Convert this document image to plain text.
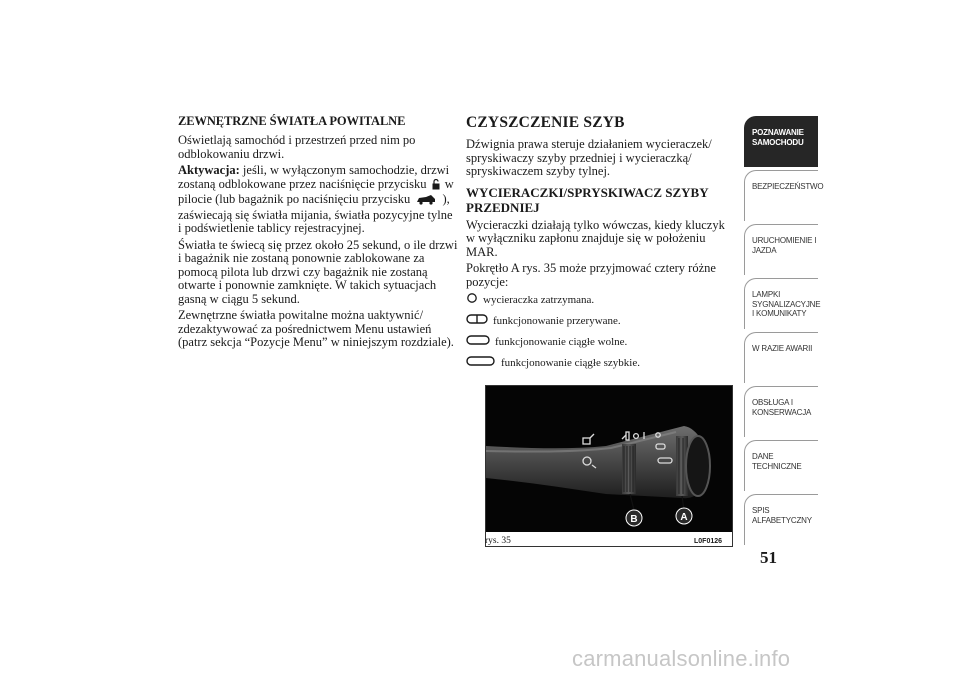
ZEWNĘTRZNE ŚWIATŁA POWITALNE

Oświetlają samochód i przestrzeń przed nim po odblokowaniu drzwi.

Aktywacja: jeśli, w wyłączonym samochodzie, drzwi zostaną odblokowane przez naciśnięcie przycisku w pilocie (lub bagażnik po naciśnięciu przycisku	), zaświecają się światła mijania, światła pozycyjne tylne i podświetlenie tablicy rejestracyjnej.

Światła te świecą się przez około 25 sekund, o ile drzwi i bagażnik nie zostaną ponownie zablokowane za pomocą pilota lub drzwi czy bagażnik nie zostaną otwarte i ponownie zamknięte. W takich sytuacjach gasną w ciągu 5 sekund.

Zewnętrzne światła powitalne można uaktywnić/ zdezaktywować za pośrednictwem Menu ustawień (patrz sekcja “Pozycje Menu” w niniejszym rozdziale).

CZYSZCZENIE SZYB

Dźwignia prawa steruje działaniem wycieraczek/ spryskiwaczy szyby przedniej i wycieraczką/ spryskiwaczem szyby tylnej.

WYCIERACZKI/SPRYSKIWACZ SZYBY PRZEDNIEJ

Wycieraczki działają tylko wówczas, kiedy kluczyk w wyłączniku zapłonu znajduje się w położeniu MAR.

Pokrętło A rys. 35 może przyjmować cztery różne pozycje:

wycieraczka zatrzymana.
funkcjonowanie przerywane.
funkcjonowanie ciągłe wolne.
funkcjonowanie ciągłe szybkie.
B	A
rys. 35	L0F0126
POZNAWANIE
SAMOCHODU
BEZPIECZEŃSTWO
URUCHOMIENIE I
JAZDA
LAMPKI
SYGNALIZACYJNE
I KOMUNIKATY
W RAZIE AWARII
OBSŁUGA I
KONSERWACJA
DANE
TECHNICZNE
SPIS
ALFABETYCZNY
51
carmanualsonline.info
